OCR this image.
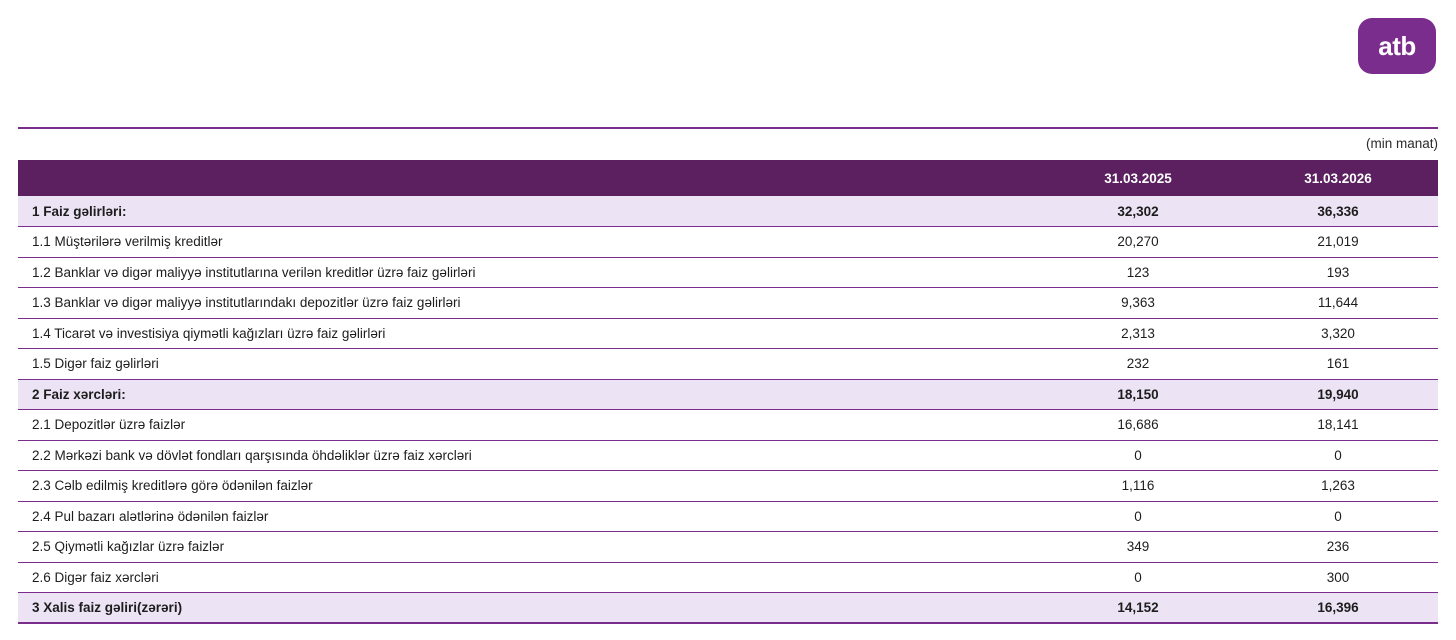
atb
(min manat)
	31.03.2025	31.03.2026
1 Faiz gəlirləri:	32,302	36,336
1.1 Müştərilərə verilmiş kreditlər	20,270	21,019
1.2 Banklar və digər maliyyə institutlarına verilən kreditlər üzrə faiz gəlirləri	123	193
1.3 Banklar və digər maliyyə institutlarındakı depozitlər üzrə faiz gəlirləri	9,363	11,644
1.4 Ticarət və investisiya qiymətli kağızları üzrə faiz gəlirləri	2,313	3,320
1.5 Digər faiz gəlirləri	232	161
2 Faiz xərcləri:	18,150	19,940
2.1 Depozitlər üzrə faizlər	16,686	18,141
2.2 Mərkəzi bank və dövlət fondları qarşısında öhdəliklər üzrə faiz xərcləri	0	0
2.3 Cəlb edilmiş kreditlərə görə ödənilən faizlər	1,116	1,263
2.4 Pul bazarı alətlərinə ödənilən faizlər	0	0
2.5 Qiymətli kağızlar üzrə faizlər	349	236
2.6 Digər faiz xərcləri	0	300
3 Xalis faiz gəliri(zərəri)	14,152	16,396
